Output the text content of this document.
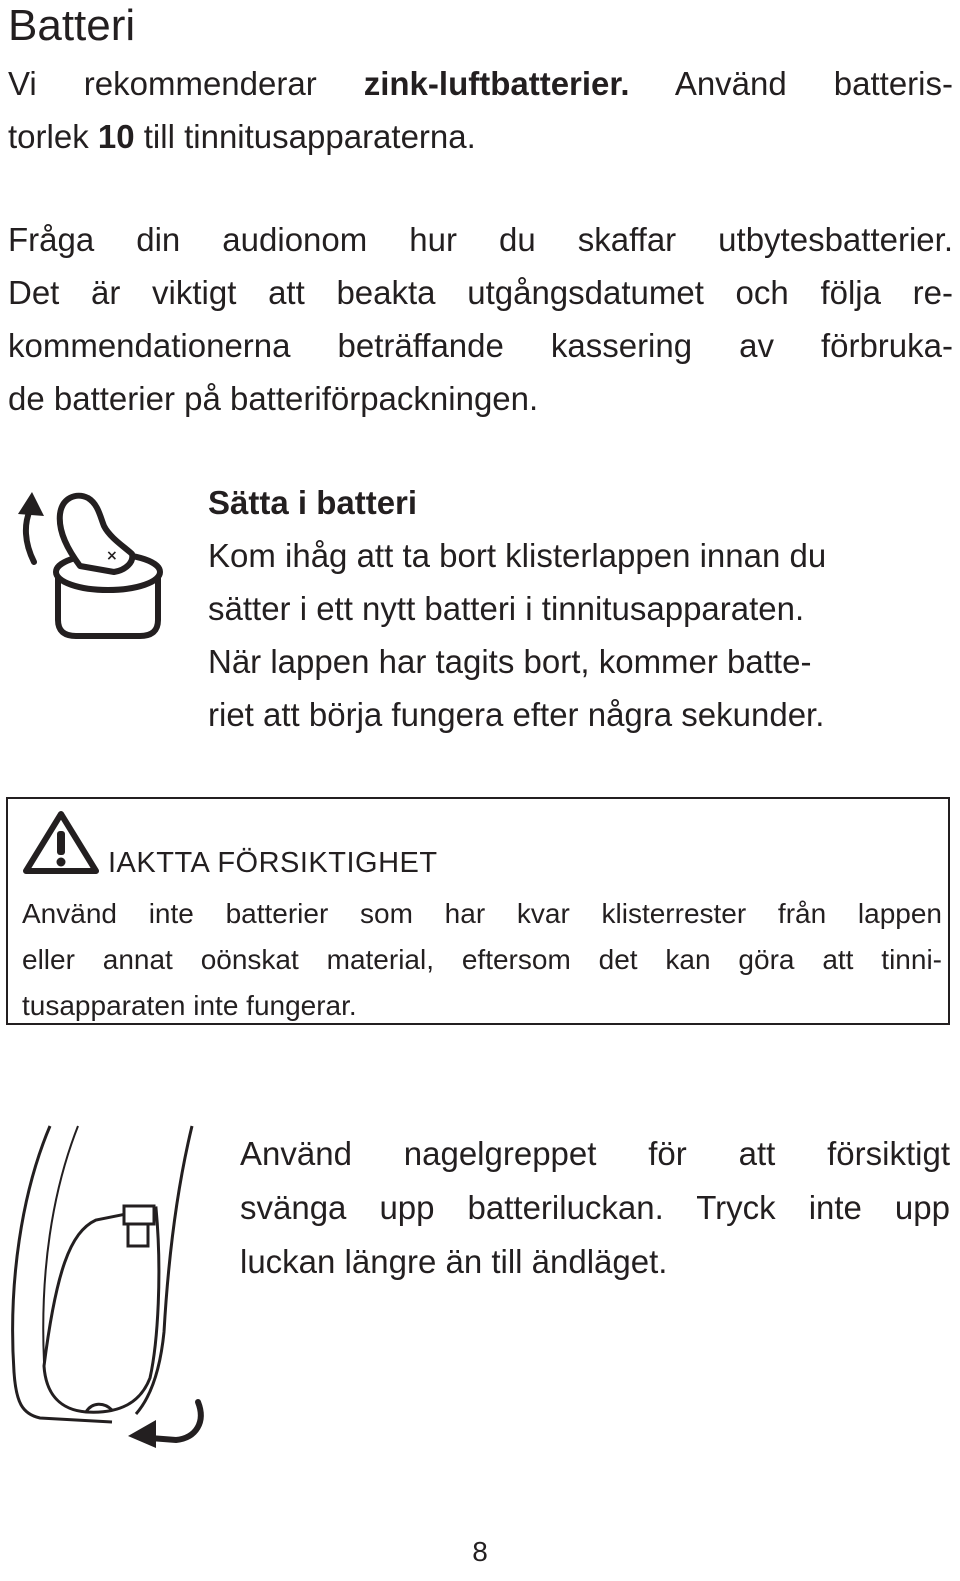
Batteri
Vi rekommenderar zink-luftbatterier. Använd batteris-
torlek 10 till tinnitusapparaterna.
Fråga din audionom hur du skaffar utbytesbatterier.
Det är viktigt att beakta utgångsdatumet och följa re-
kommendationerna beträffande kassering av förbruka-
de batterier på batteriförpackningen.
×
Sätta i batteri
Kom ihåg att ta bort klisterlappen innan du
sätter i ett nytt batteri i tinnitusapparaten.
När lappen har tagits bort, kommer batte-
riet att börja fungera efter några sekunder.
IAKTTA FÖRSIKTIGHET
Använd inte batterier som har kvar klisterrester från lappen
eller annat oönskat material, eftersom det kan göra att tinni-
tusapparaten inte fungerar.
Använd nagelgreppet för att försiktigt
svänga upp batteriluckan. Tryck inte upp
luckan längre än till ändläget.
8
